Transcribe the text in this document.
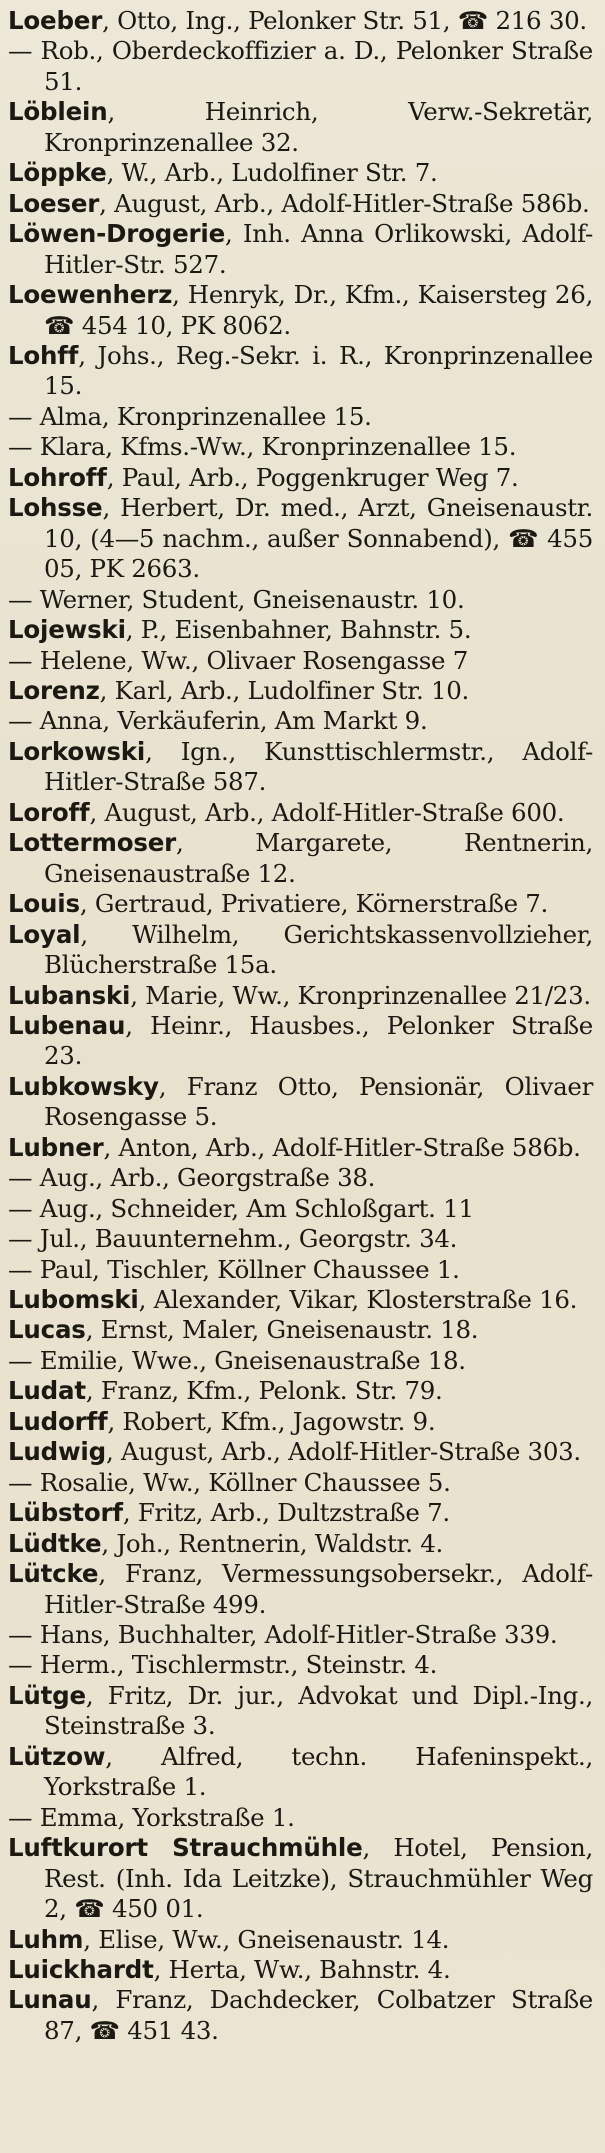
Loeber, Otto, Ing., Pelonker Str. 51, ☎ 216 30.
— Rob., Oberdeckoffizier a. D., Pelonker Straße 51.
Löblein, Heinrich, Verw.-Sekretär, Kronprinzenallee 32.
Löppke, W., Arb., Ludolfiner Str. 7.
Loeser, August, Arb., Adolf-Hitler-Straße 586b.
Löwen-Drogerie, Inh. Anna Orlikowski, Adolf-Hitler-Str. 527.
Loewenherz, Henryk, Dr., Kfm., Kaisersteg 26, ☎ 454 10, PK 8062.
Lohff, Johs., Reg.-Sekr. i. R., Kronprinzenallee 15.
— Alma, Kronprinzenallee 15.
— Klara, Kfms.-Ww., Kronprinzenallee 15.
Lohroff, Paul, Arb., Poggenkruger Weg 7.
Lohsse, Herbert, Dr. med., Arzt, Gneisenaustr. 10, (4—5 nachm., außer Sonnabend), ☎ 455 05, PK 2663.
— Werner, Student, Gneisenaustr. 10.
Lojewski, P., Eisenbahner, Bahnstr. 5.
— Helene, Ww., Olivaer Rosengasse 7
Lorenz, Karl, Arb., Ludolfiner Str. 10.
— Anna, Verkäuferin, Am Markt 9.
Lorkowski, Ign., Kunsttischlermstr., Adolf-Hitler-Straße 587.
Loroff, August, Arb., Adolf-Hitler-Straße 600.
Lottermoser, Margarete, Rentnerin, Gneisenaustraße 12.
Louis, Gertraud, Privatiere, Körnerstraße 7.
Loyal, Wilhelm, Gerichtskassenvollzieher, Blücherstraße 15a.
Lubanski, Marie, Ww., Kronprinzenallee 21/23.
Lubenau, Heinr., Hausbes., Pelonker Straße 23.
Lubkowsky, Franz Otto, Pensionär, Olivaer Rosengasse 5.
Lubner, Anton, Arb., Adolf-Hitler-Straße 586b.
— Aug., Arb., Georgstraße 38.
— Aug., Schneider, Am Schloßgart. 11
— Jul., Bauunternehm., Georgstr. 34.
— Paul, Tischler, Köllner Chaussee 1.
Lubomski, Alexander, Vikar, Klosterstraße 16.
Lucas, Ernst, Maler, Gneisenaustr. 18.
— Emilie, Wwe., Gneisenaustraße 18.
Ludat, Franz, Kfm., Pelonk. Str. 79.
Ludorff, Robert, Kfm., Jagowstr. 9.
Ludwig, August, Arb., Adolf-Hitler-Straße 303.
— Rosalie, Ww., Köllner Chaussee 5.
Lübstorf, Fritz, Arb., Dultzstraße 7.
Lüdtke, Joh., Rentnerin, Waldstr. 4.
Lütcke, Franz, Vermessungsobersekr., Adolf-Hitler-Straße 499.
— Hans, Buchhalter, Adolf-Hitler-Straße 339.
— Herm., Tischlermstr., Steinstr. 4.
Lütge, Fritz, Dr. jur., Advokat und Dipl.-Ing., Steinstraße 3.
Lützow, Alfred, techn. Hafeninspekt., Yorkstraße 1.
— Emma, Yorkstraße 1.
Luftkurort Strauchmühle, Hotel, Pension, Rest. (Inh. Ida Leitzke), Strauchmühler Weg 2, ☎ 450 01.
Luhm, Elise, Ww., Gneisenaustr. 14.
Luickhardt, Herta, Ww., Bahnstr. 4.
Lunau, Franz, Dachdecker, Colbatzer Straße 87, ☎ 451 43.
